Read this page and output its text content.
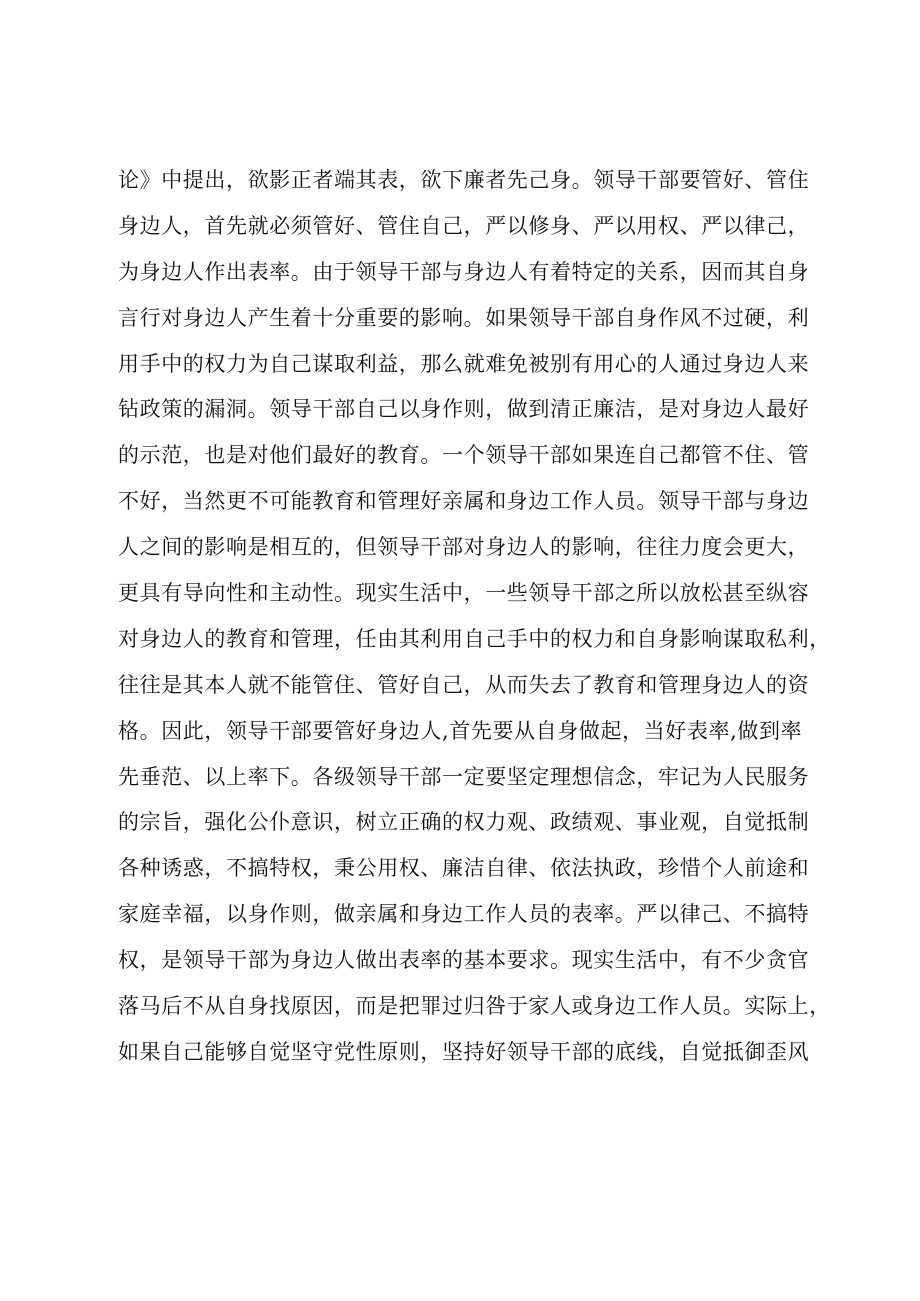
论》中提出，欲影正者端其表，欲下廉者先己身。领导干部要管好、管住
身边人，首先就必须管好、管住自己，严以修身、严以用权、严以律己，
为身边人作出表率。由于领导干部与身边人有着特定的关系，因而其自身
言行对身边人产生着十分重要的影响。如果领导干部自身作风不过硬，利
用手中的权力为自己谋取利益，那么就难免被别有用心的人通过身边人来
钻政策的漏洞。领导干部自己以身作则，做到清正廉洁，是对身边人最好
的示范，也是对他们最好的教育。一个领导干部如果连自己都管不住、管
不好，当然更不可能教育和管理好亲属和身边工作人员。领导干部与身边
人之间的影响是相互的，但领导干部对身边人的影响，往往力度会更大，
更具有导向性和主动性。现实生活中，一些领导干部之所以放松甚至纵容
对身边人的教育和管理，任由其利用自己手中的权力和自身影响谋取私利，
往往是其本人就不能管住、管好自己，从而失去了教育和管理身边人的资
格。因此，领导干部要管好身边人,首先要从自身做起，当好表率,做到率
先垂范、以上率下。各级领导干部一定要坚定理想信念，牢记为人民服务
的宗旨，强化公仆意识，树立正确的权力观、政绩观、事业观，自觉抵制
各种诱惑，不搞特权，秉公用权、廉洁自律、依法执政，珍惜个人前途和
家庭幸福，以身作则，做亲属和身边工作人员的表率。严以律己、不搞特
权，是领导干部为身边人做出表率的基本要求。现实生活中，有不少贪官
落马后不从自身找原因，而是把罪过归咎于家人或身边工作人员。实际上，
如果自己能够自觉坚守党性原则，坚持好领导干部的底线，自觉抵御歪风
